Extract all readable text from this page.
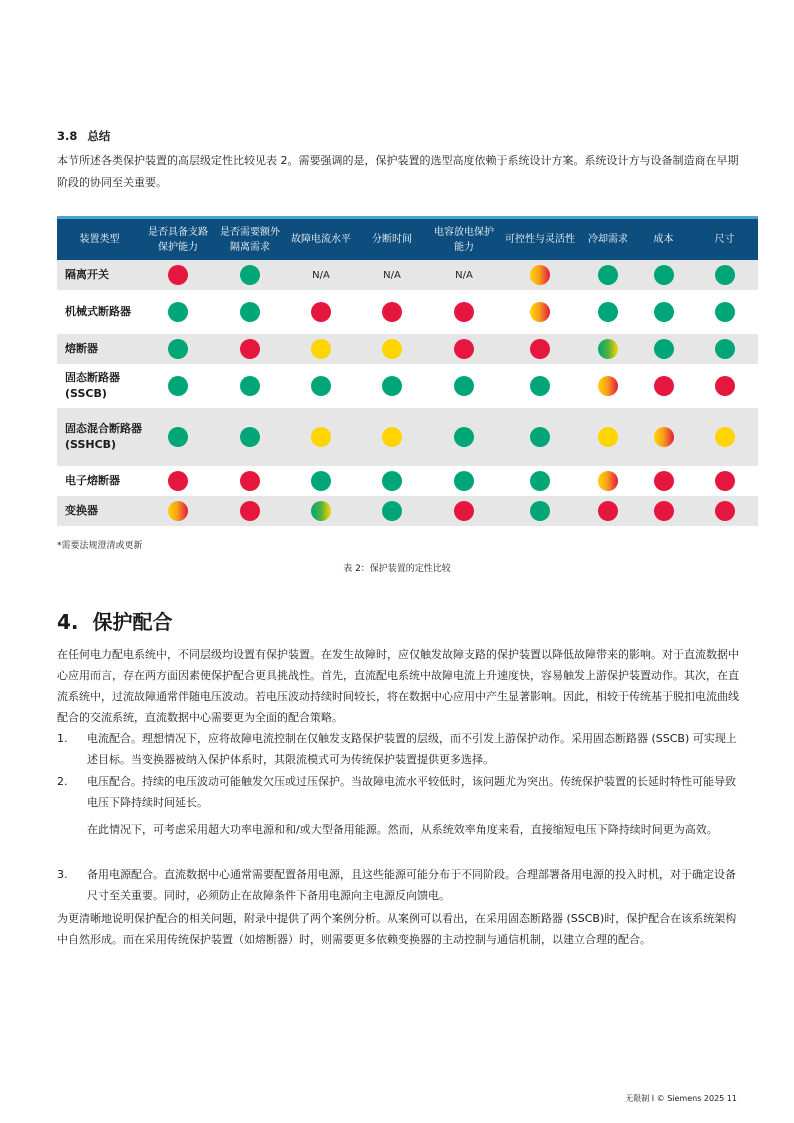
3.8 总结
本节所述各类保护装置的高层级定性比较见表 2。需要强调的是，保护装置的选型高度依赖于系统设计方案。系统设计方与设备制造商在早期阶段的协同至关重要。
装置类型	是否具备支路保护能力	是否需要额外隔离需求	故障电流水平	分断时间	电容放电保护能力	可控性与灵活性	冷却需求	成本	尺寸
隔离开关			N/A	N/A	N/A				
机械式断路器									
熔断器									
固态断路器 (SSCB)									
固态混合断路器 (SSHCB)									
电子熔断器									
变换器									
*需要法规澄清或更新
表 2：保护装置的定性比较
4. 保护配合
在任何电力配电系统中，不同层级均设置有保护装置。在发生故障时，应仅触发故障支路的保护装置以降低故障带来的影响。对于直流数据中心应用而言，存在两方面因素使保护配合更具挑战性。首先，直流配电系统中故障电流上升速度快，容易触发上游保护装置动作。其次，在直流系统中，过流故障通常伴随电压波动。若电压波动持续时间较长，将在数据中心应用中产生显著影响。因此，相较于传统基于脱扣电流曲线配合的交流系统，直流数据中心需要更为全面的配合策略。
1. 电流配合。理想情况下，应将故障电流控制在仅触发支路保护装置的层级，而不引发上游保护动作。采用固态断路器 (SSCB) 可实现上述目标。当变换器被纳入保护体系时，其限流模式可为传统保护装置提供更多选择。
2. 电压配合。持续的电压波动可能触发欠压或过压保护。当故障电流水平较低时，该问题尤为突出。传统保护装置的长延时特性可能导致电压下降持续时间延长。
在此情况下，可考虑采用超大功率电源和和/或大型备用能源。然而，从系统效率角度来看，直接缩短电压下降持续时间更为高效。
3. 备用电源配合。直流数据中心通常需要配置备用电源，且这些能源可能分布于不同阶段。合理部署备用电源的投入时机，对于确定设备尺寸至关重要。同时，必须防止在故障条件下备用电源向主电源反向馈电。
为更清晰地说明保护配合的相关问题，附录中提供了两个案例分析。从案例可以看出，在采用固态断路器 (SSCB)时，保护配合在该系统架构中自然形成。而在采用传统保护装置（如熔断器）时，则需要更多依赖变换器的主动控制与通信机制，以建立合理的配合。
无限制 I © Siemens 2025 11
